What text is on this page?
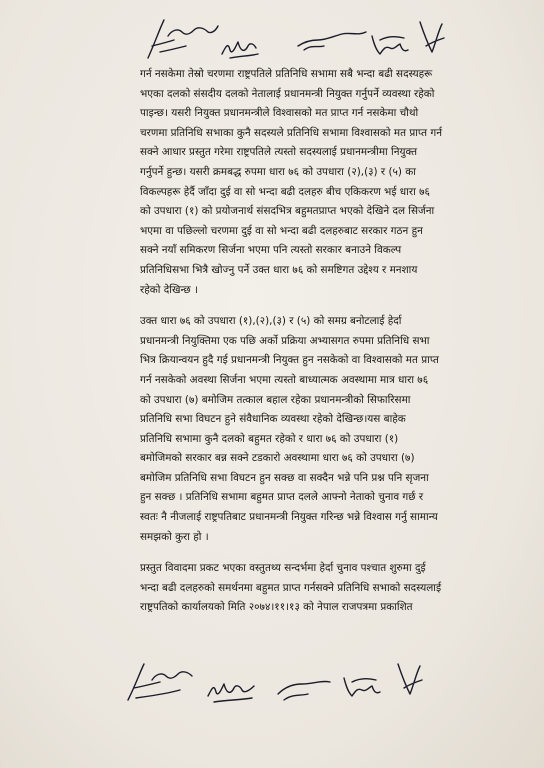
गर्न नसकेमा तेस्रो चरणमा राष्ट्रपतिले प्रतिनिधि सभामा सबै भन्दा बढी सदस्यहरू
भएका दलको संसदीय दलको नेतालाई प्रधानमन्त्री नियुक्त गर्नुपर्ने व्यवस्था रहेको
पाइन्छ। यसरी नियुक्त प्रधानमन्त्रीले विश्वासको मत प्राप्त गर्न नसकेमा चौथो
चरणमा प्रतिनिधि सभाका कुनै सदस्यले प्रतिनिधि सभामा विश्वासको मत प्राप्त गर्न
सक्ने आधार प्रस्तुत गरेमा राष्ट्रपतिले त्यस्तो सदस्यलाई प्रधानमन्त्रीमा नियुक्त
गर्नुपर्ने हुन्छ। यसरी क्रमबद्ध रुपमा धारा ७६ को उपधारा (२),(३) र (५) का
विकल्पहरू हेर्दै जाँदा दुई वा सो भन्दा बढी दलहरु बीच एकिकरण भई धारा ७६
को उपधारा (१) को प्रयोजनार्थ संसदभित्र बहुमतप्राप्त भएको देखिने दल सिर्जना
भएमा वा पछिल्लो चरणमा दुई वा सो भन्दा बढी दलहरुबाट सरकार गठन हुन
सक्ने नयाँ समिकरण सिर्जना भएमा पनि त्यस्तो सरकार बनाउने विकल्प
प्रतिनिधिसभा भित्रै खोज्नु पर्ने उक्त धारा ७६ को समष्टिगत उद्देश्य र मनशाय
रहेको देखिन्छ ।

उक्त धारा ७६ को उपधारा (१),(२),(३) र (५) को समग्र बनोटलाई हेर्दा
प्रधानमन्त्री नियुक्तिमा एक पछि अर्को प्रक्रिया अभ्यासगत रुपमा प्रतिनिधि सभा
भित्र क्रियान्वयन हुदै गई प्रधानमन्त्री नियुक्त हुन नसकेको वा विश्वासको मत प्राप्त
गर्न नसकेको अवस्था सिर्जना भएमा त्यस्तो बाध्यात्मक अवस्थामा मात्र धारा ७६
को उपधारा (७) बमोजिम तत्काल बहाल रहेका प्रधानमन्त्रीको सिफारिसमा
प्रतिनिधि सभा विघटन हुने संवैधानिक व्यवस्था रहेको देखिन्छ।यस बाहेक
प्रतिनिधि सभामा कुनै दलको बहुमत रहेको र धारा ७६ को उपधारा (१)
बमोजिमको सरकार बन्न सक्ने टडकारो अवस्थामा धारा ७६ को उपधारा (७)
बमोजिम प्रतिनिधि सभा विघटन हुन सक्छ वा सक्दैन भन्ने पनि प्रश्न पनि सृजना
हुन सक्छ । प्रतिनिधि सभामा बहुमत प्राप्त दलले आफ्नो नेताको चुनाव गर्छ र
स्वतः नै नीजलाई राष्ट्रपतिबाट प्रधानमन्त्री नियुक्त गरिन्छ भन्ने विश्वास गर्नु सामान्य
समझको कुरा हो ।

प्रस्तुत विवादमा प्रकट भएका वस्तुतथ्य सन्दर्भमा हेर्दा चुनाव पश्चात शुरुमा दुई
भन्दा बढी दलहरुको समर्थनमा बहुमत प्राप्त गर्नसक्ने प्रतिनिधि सभाको सदस्यलाई
राष्ट्रपतिको कार्यालयको मिति २०७४।११।१३ को नेपाल राजपत्रमा प्रकाशित
